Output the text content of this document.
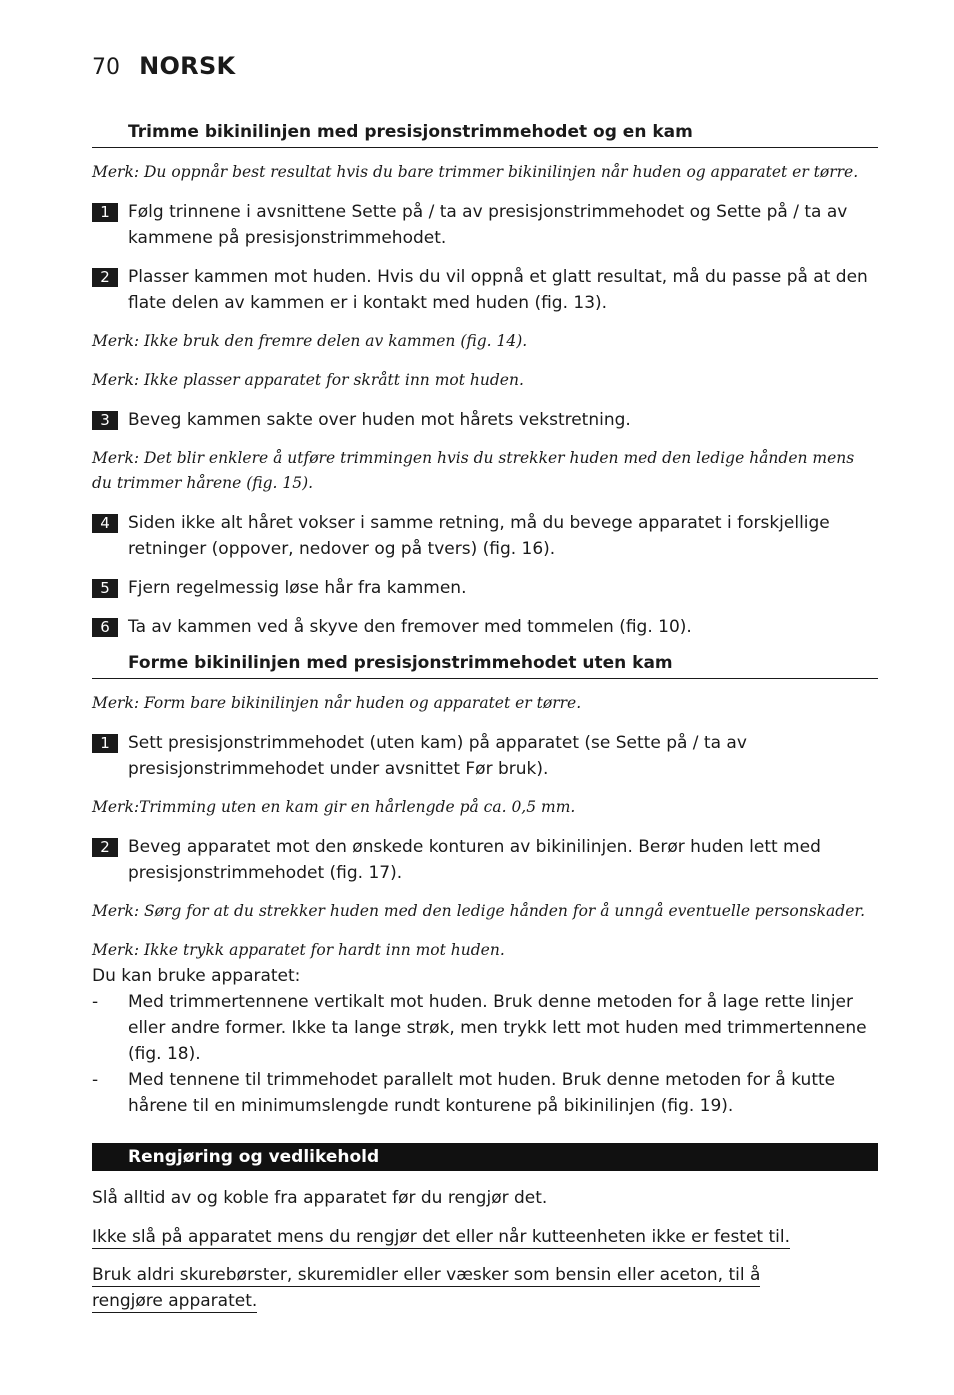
70 NORSK
Trimme bikinilinjen med presisjonstrimmehodet og en kam

Merk: Du oppnår best resultat hvis du bare trimmer bikinilinjen når huden og apparatet er tørre.

1	Følg trinnene i avsnittene Sette på / ta av presisjonstrimmehodet og Sette på / ta av kammene på presisjonstrimmehodet.
2	Plasser kammen mot huden. Hvis du vil oppnå et glatt resultat, må du passe på at den flate delen av kammen er i kontakt med huden (fig. 13).

Merk: Ikke bruk den fremre delen av kammen (fig. 14).

Merk: Ikke plasser apparatet for skrått inn mot huden.

3	Beveg kammen sakte over huden mot hårets vekstretning.

Merk: Det blir enklere å utføre trimmingen hvis du strekker huden med den ledige hånden mens du trimmer hårene (fig. 15).

4	Siden ikke alt håret vokser i samme retning, må du bevege apparatet i forskjellige retninger (oppover, nedover og på tvers) (fig. 16).
5	Fjern regelmessig løse hår fra kammen.
6	Ta av kammen ved å skyve den fremover med tommelen (fig. 10).
Forme bikinilinjen med presisjonstrimmehodet uten kam

Merk: Form bare bikinilinjen når huden og apparatet er tørre.

1	Sett presisjonstrimmehodet (uten kam) på apparatet (se Sette på / ta av presisjonstrimmehodet under avsnittet Før bruk).

Merk:Trimming uten en kam gir en hårlengde på ca. 0,5 mm.

2	Beveg apparatet mot den ønskede konturen av bikinilinjen. Berør huden lett med presisjonstrimmehodet (fig. 17).

Merk: Sørg for at du strekker huden med den ledige hånden for å unngå eventuelle personskader.

Merk: Ikke trykk apparatet for hardt inn mot huden.

Du kan bruke apparatet:

-	Med trimmertennene vertikalt mot huden. Bruk denne metoden for å lage rette linjer eller andre former. Ikke ta lange strøk, men trykk lett mot huden med trimmertennene (fig. 18).
-	Med tennene til trimmehodet parallelt mot huden. Bruk denne metoden for å kutte hårene til en minimumslengde rundt konturene på bikinilinjen (fig. 19).
Rengjøring og vedlikehold

Slå alltid av og koble fra apparatet før du rengjør det.

Ikke slå på apparatet mens du rengjør det eller når kutteenheten ikke er festet til.

Bruk aldri skurebørster, skuremidler eller væsker som bensin eller aceton, til å
rengjøre apparatet.
